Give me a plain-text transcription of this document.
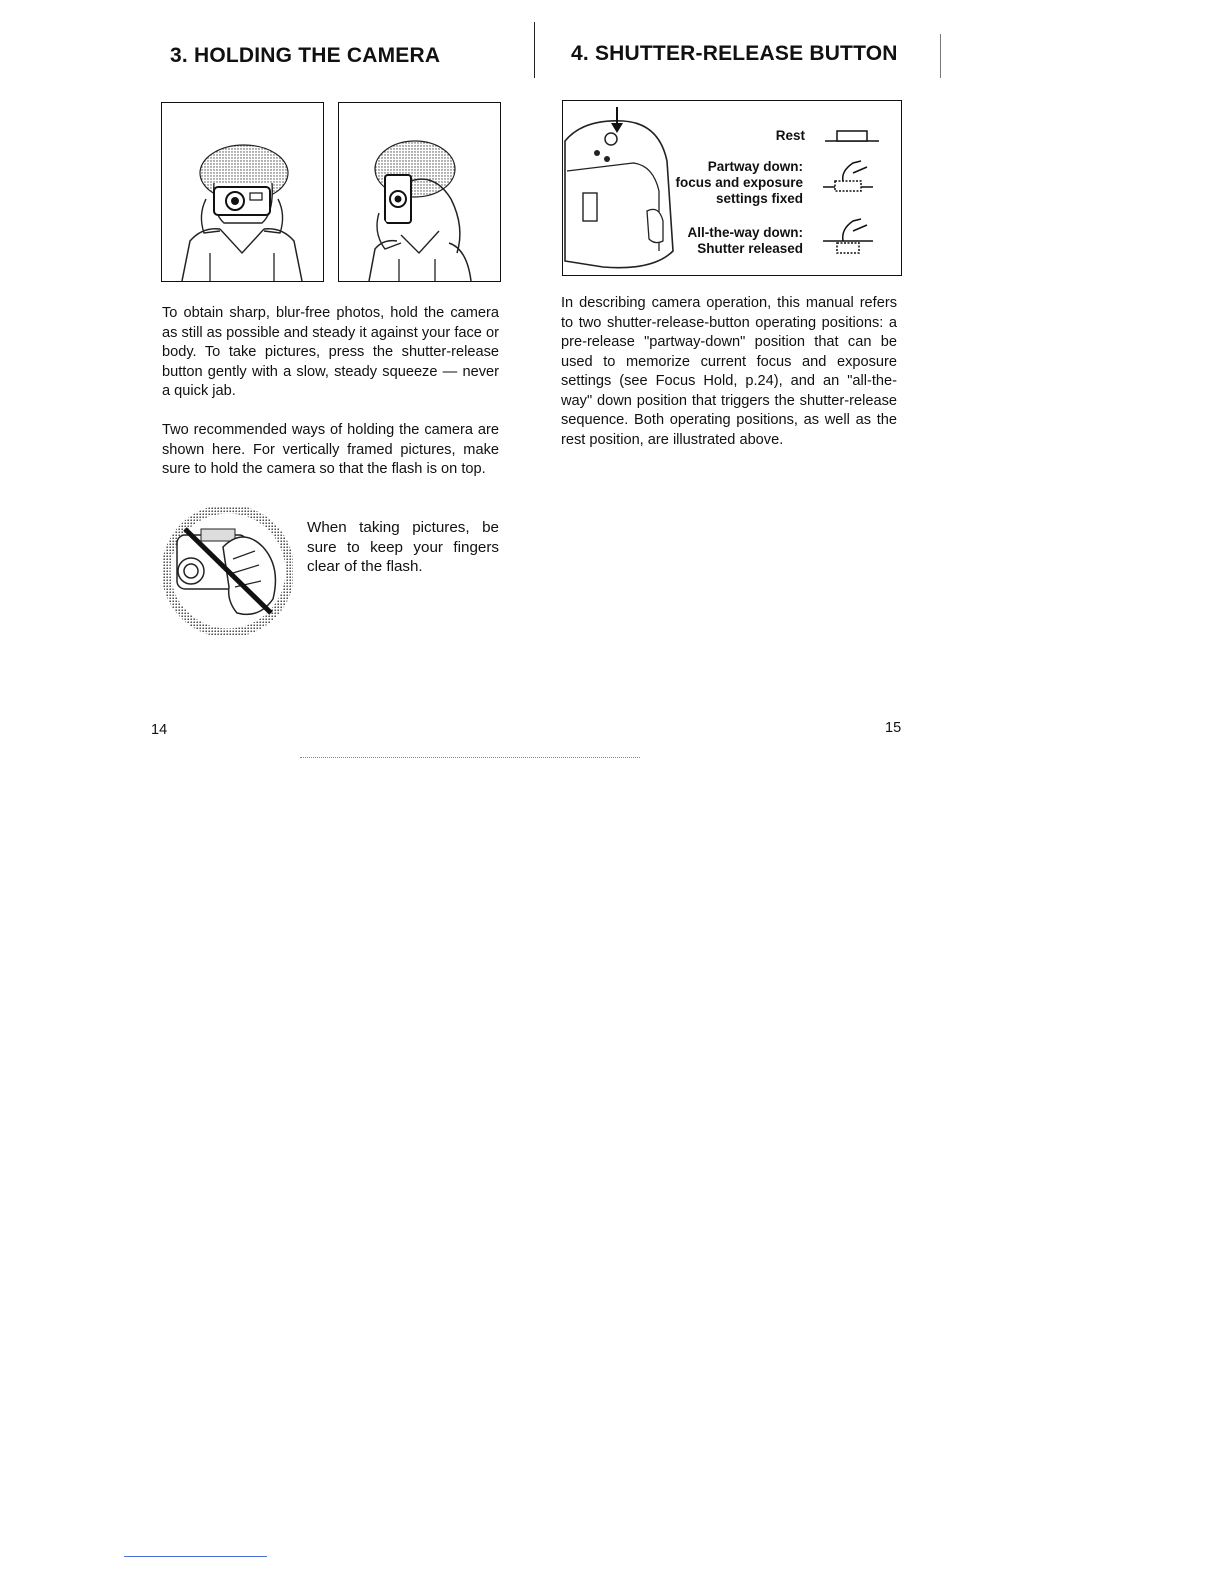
3. HOLDING THE CAMERA

To obtain sharp, blur-free photos, hold the camera as still as possible and steady it against your face or body. To take pictures, press the shutter-release button gently with a slow, steady squeeze — never a quick jab.

Two recommended ways of holding the camera are shown here. For vertically framed pictures, make sure to hold the camera so that the flash is on top.

When taking pictures, be sure to keep your fingers clear of the flash.

14
4. SHUTTER-RELEASE BUTTON
Rest
Partway down:
focus and exposure
settings fixed
All-the-way down:
Shutter released

In describing camera operation, this manual refers to two shutter-release-button operating positions: a pre-release "partway-down" position that can be used to memorize current focus and exposure settings (see Focus Hold, p.24), and an "all-the-way" down position that triggers the shutter-release sequence. Both operating positions, as well as the rest position, are illustrated above.

15
